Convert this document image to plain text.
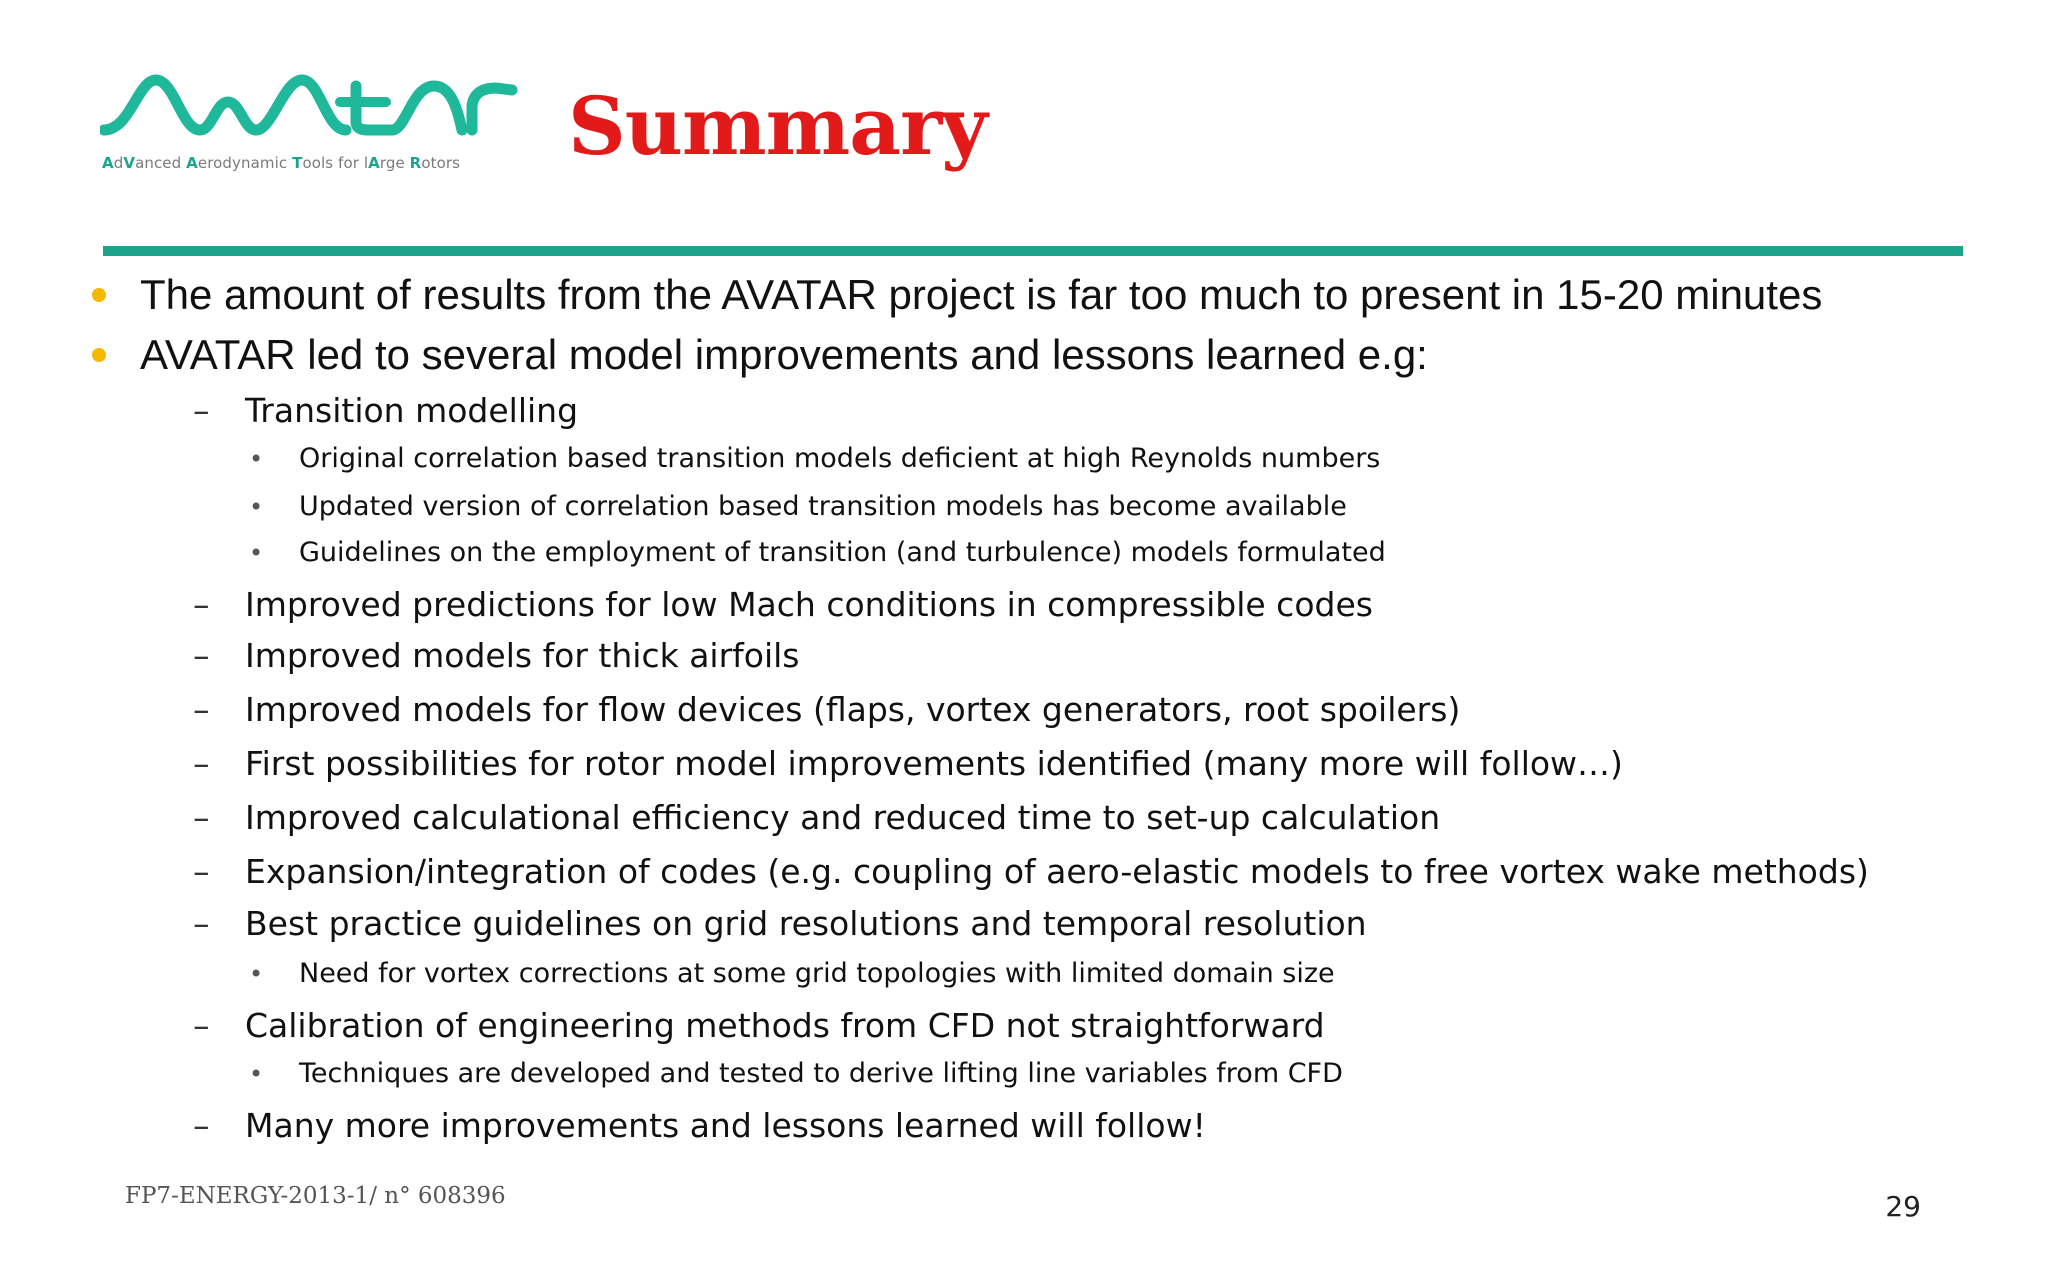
AdVanced Aerodynamic Tools for lArge Rotors Summary
The amount of results from the AVATAR project is far too much to present in 15-20 minutes
AVATAR led to several model improvements and lessons learned e.g:
– Transition modelling
• Original correlation based transition models deficient at high Reynolds numbers
• Updated version of correlation based transition models has become available
• Guidelines on the employment of transition (and turbulence) models formulated
– Improved predictions for low Mach conditions in compressible codes
– Improved models for thick airfoils
– Improved models for flow devices (flaps, vortex generators, root spoilers)
– First possibilities for rotor model improvements identified (many more will follow…)
– Improved calculational efficiency and reduced time to set-up calculation
– Expansion/integration of codes (e.g. coupling of aero-elastic models to free vortex wake methods)
– Best practice guidelines on grid resolutions and temporal resolution
• Need for vortex corrections at some grid topologies with limited domain size
– Calibration of engineering methods from CFD not straightforward
• Techniques are developed and tested to derive lifting line variables from CFD
– Many more improvements and lessons learned will follow!
FP7-ENERGY-2013-1/ n° 608396	29
